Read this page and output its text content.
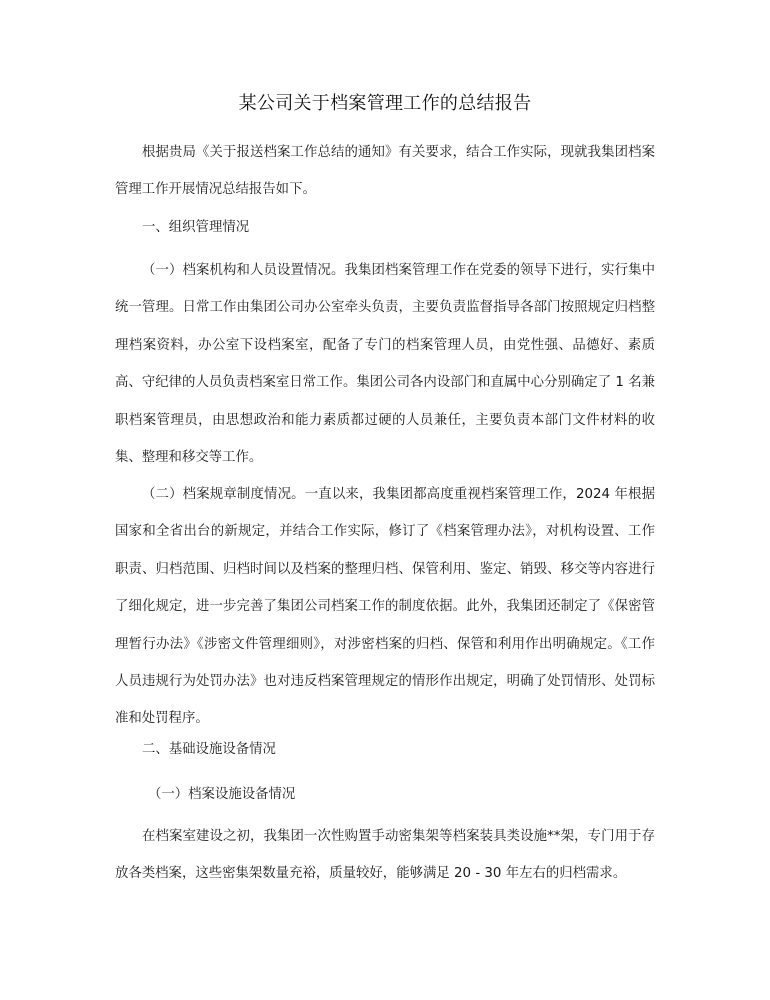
某公司关于档案管理工作的总结报告
根据贵局《关于报送档案工作总结的通知》有关要求，结合工作实际，现就我集团档案管理工作开展情况总结报告如下。
一、组织管理情况
（一）档案机构和人员设置情况。我集团档案管理工作在党委的领导下进行，实行集中统一管理。日常工作由集团公司办公室牵头负责，主要负责监督指导各部门按照规定归档整理档案资料，办公室下设档案室，配备了专门的档案管理人员，由党性强、品德好、素质高、守纪律的人员负责档案室日常工作。集团公司各内设部门和直属中心分别确定了 1 名兼职档案管理员，由思想政治和能力素质都过硬的人员兼任，主要负责本部门文件材料的收集、整理和移交等工作。
（二）档案规章制度情况。一直以来，我集团都高度重视档案管理工作，2024 年根据国家和全省出台的新规定，并结合工作实际，修订了《档案管理办法》，对机构设置、工作职责、归档范围、归档时间以及档案的整理归档、保管利用、鉴定、销毁、移交等内容进行了细化规定，进一步完善了集团公司档案工作的制度依据。此外，我集团还制定了《保密管理暂行办法》《涉密文件管理细则》，对涉密档案的归档、保管和利用作出明确规定。《工作人员违规行为处罚办法》也对违反档案管理规定的情形作出规定，明确了处罚情形、处罚标准和处罚程序。
二、基础设施设备情况
（一）档案设施设备情况
在档案室建设之初，我集团一次性购置手动密集架等档案装具类设施**架，专门用于存放各类档案，这些密集架数量充裕，质量较好，能够满足 20 - 30 年左右的归档需求。
